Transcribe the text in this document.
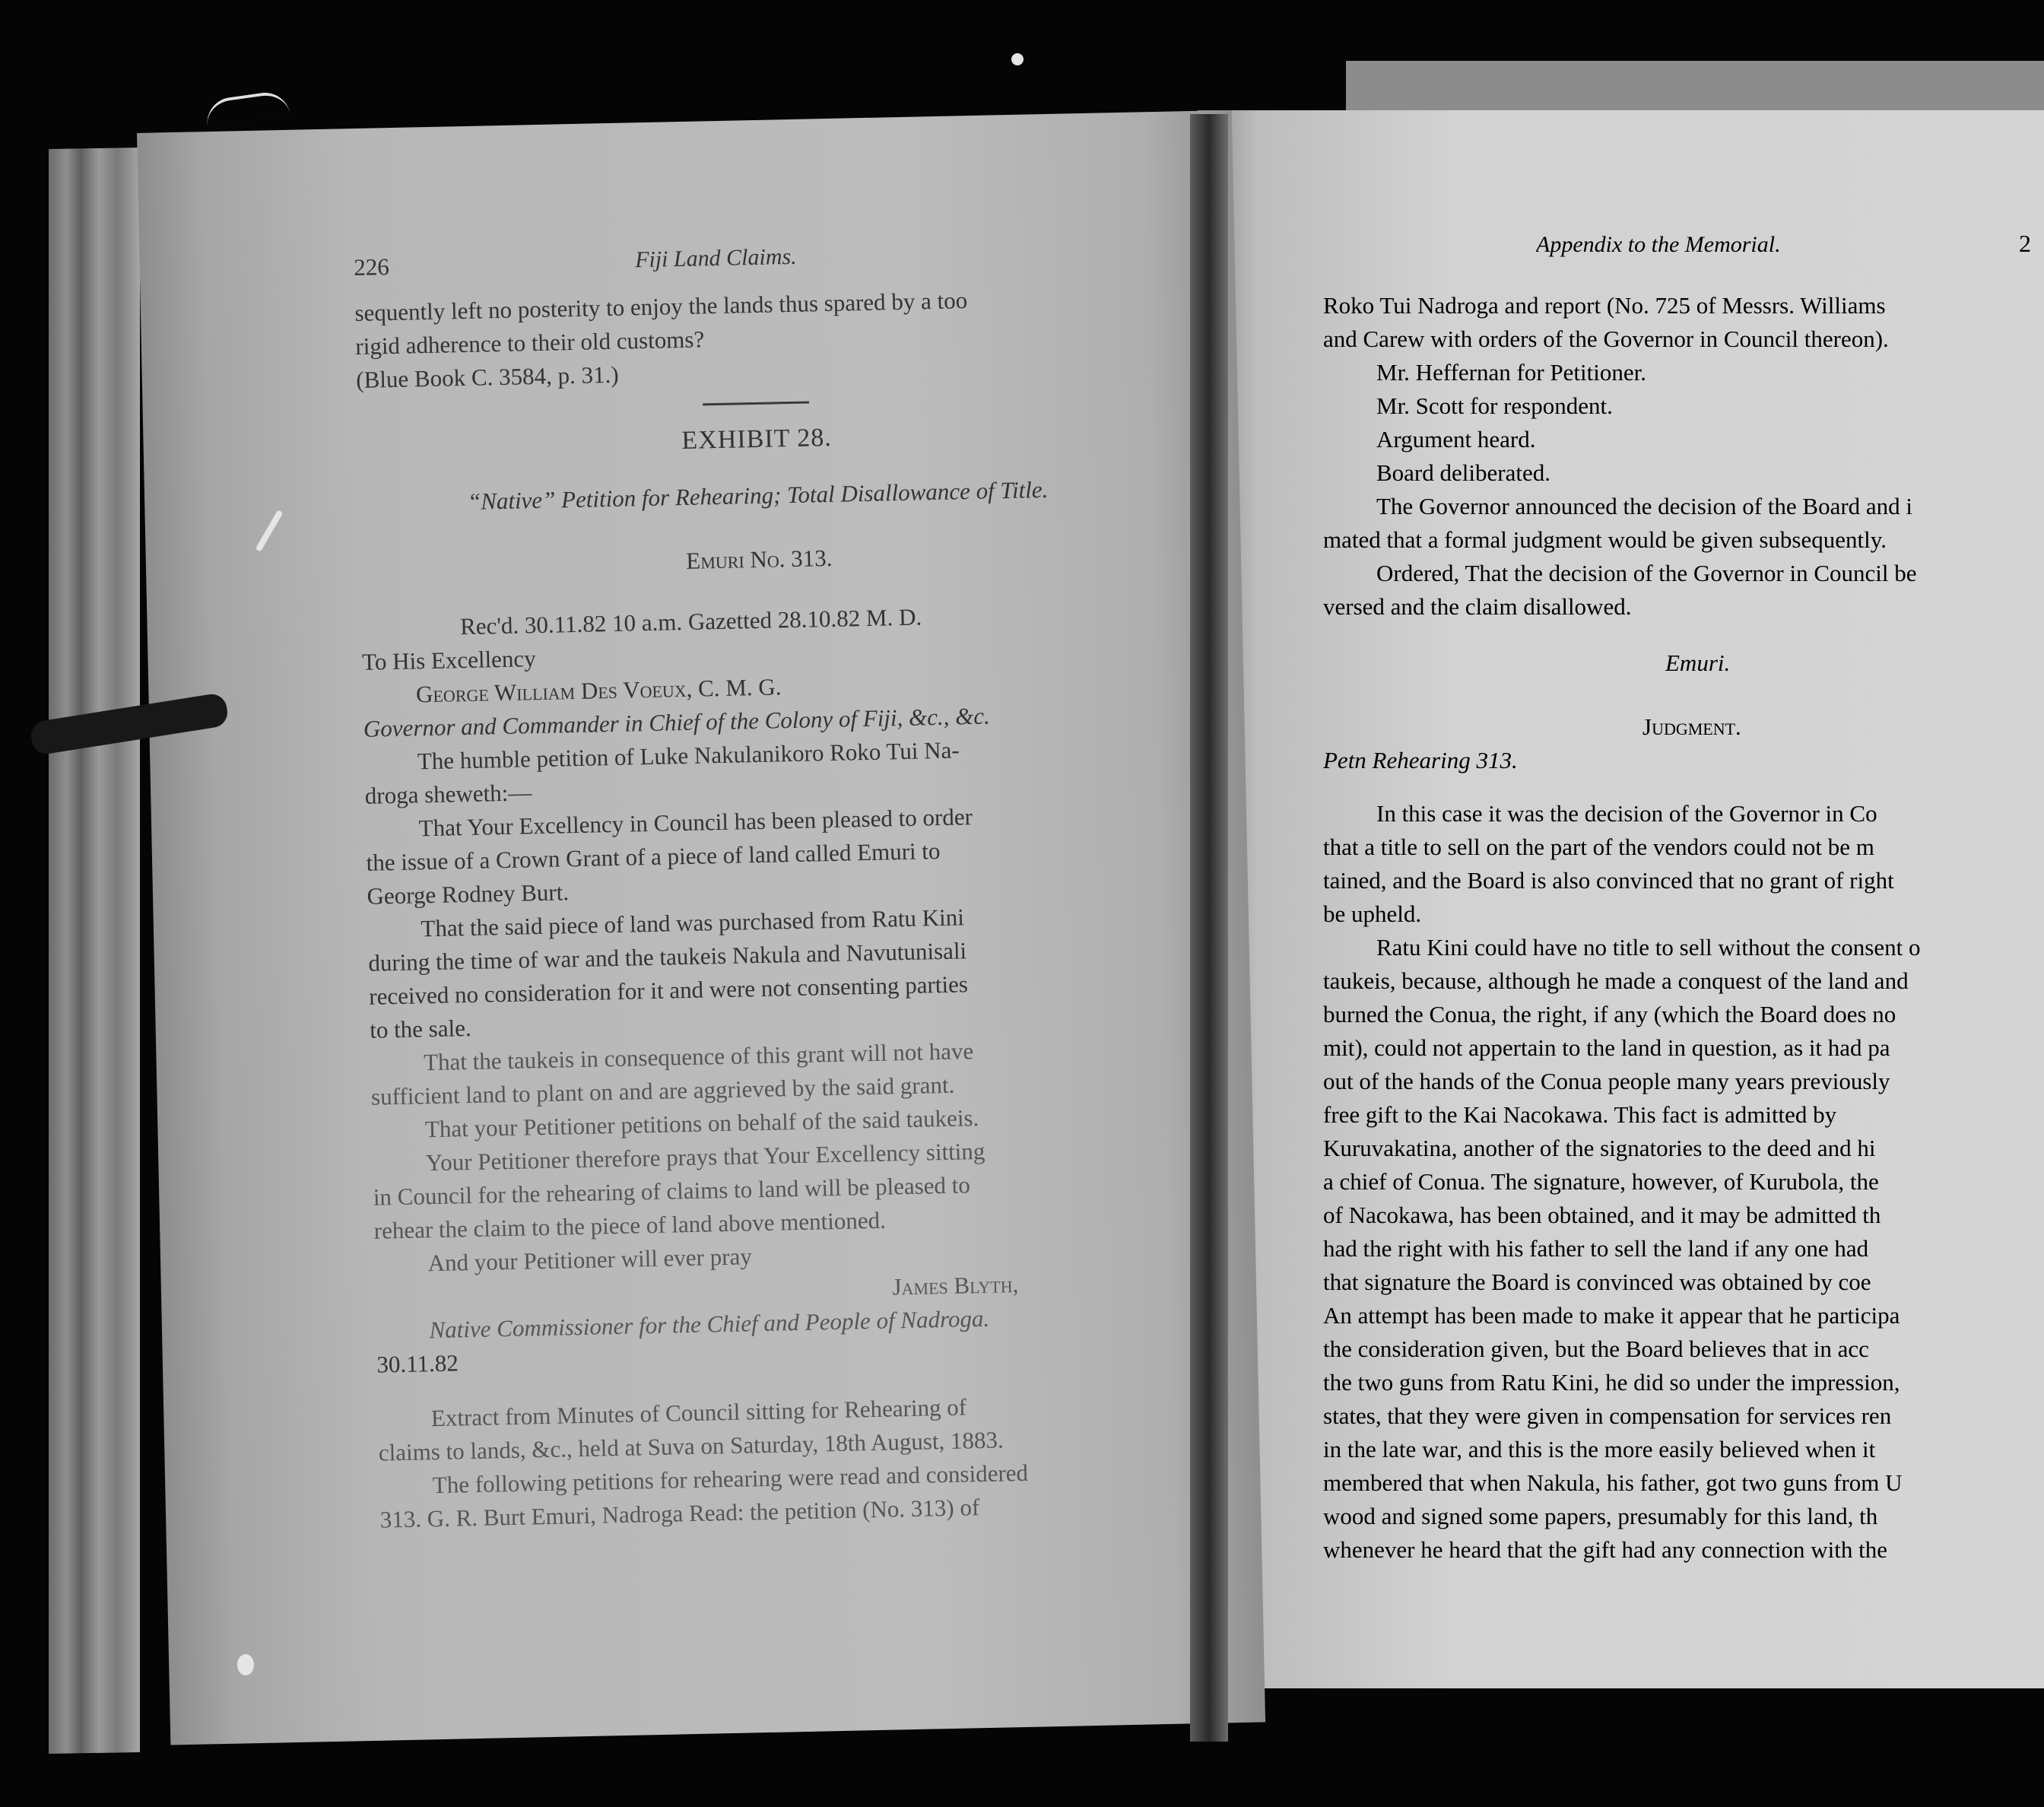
226	Fiji Land Claims.
sequently left no posterity to enjoy the lands thus spared by a too
rigid adherence to their old customs?
(Blue Book C. 3584, p. 31.)
EXHIBIT 28.
“Native” Petition for Rehearing; Total Disallowance of Title.
Emuri No. 313.
Rec'd. 30.11.82 10 a.m. Gazetted 28.10.82 M. D.
To His Excellency
George William Des Voeux, C. M. G.
Governor and Commander in Chief of the Colony of Fiji, &c., &c.
The humble petition of Luke Nakulanikoro Roko Tui Na-
droga sheweth:—
That Your Excellency in Council has been pleased to order
the issue of a Crown Grant of a piece of land called Emuri to
George Rodney Burt.
That the said piece of land was purchased from Ratu Kini
during the time of war and the taukeis Nakula and Navutunisali
received no consideration for it and were not consenting parties
to the sale.
That the taukeis in consequence of this grant will not have
sufficient land to plant on and are aggrieved by the said grant.
That your Petitioner petitions on behalf of the said taukeis.
Your Petitioner therefore prays that Your Excellency sitting
in Council for the rehearing of claims to land will be pleased to
rehear the claim to the piece of land above mentioned.
And your Petitioner will ever pray
James Blyth,
Native Commissioner for the Chief and People of Nadroga.
30.11.82
Extract from Minutes of Council sitting for Rehearing of
claims to lands, &c., held at Suva on Saturday, 18th August, 1883.
The following petitions for rehearing were read and considered
313. G. R. Burt Emuri, Nadroga Read: the petition (No. 313) of
Appendix to the Memorial.	2
Roko Tui Nadroga and report (No. 725 of Messrs. Williams
and Carew with orders of the Governor in Council thereon).
Mr. Heffernan for Petitioner.
Mr. Scott for respondent.
Argument heard.
Board deliberated.
The Governor announced the decision of the Board and i
mated that a formal judgment would be given subsequently.
Ordered, That the decision of the Governor in Council be
versed and the claim disallowed.
Emuri.
Judgment.
Petn Rehearing 313.
In this case it was the decision of the Governor in Co
that a title to sell on the part of the vendors could not be m
tained, and the Board is also convinced that no grant of right
be upheld.
Ratu Kini could have no title to sell without the consent o
taukeis, because, although he made a conquest of the land and
burned the Conua, the right, if any (which the Board does no
mit), could not appertain to the land in question, as it had pa
out of the hands of the Conua people many years previously
free gift to the Kai Nacokawa. This fact is admitted by
Kuruvakatina, another of the signatories to the deed and hi
a chief of Conua. The signature, however, of Kurubola, the
of Nacokawa, has been obtained, and it may be admitted th
had the right with his father to sell the land if any one had
that signature the Board is convinced was obtained by coe
An attempt has been made to make it appear that he participa
the consideration given, but the Board believes that in acc
the two guns from Ratu Kini, he did so under the impression,
states, that they were given in compensation for services ren
in the late war, and this is the more easily believed when it
membered that when Nakula, his father, got two guns from U
wood and signed some papers, presumably for this land, th
whenever he heard that the gift had any connection with the
